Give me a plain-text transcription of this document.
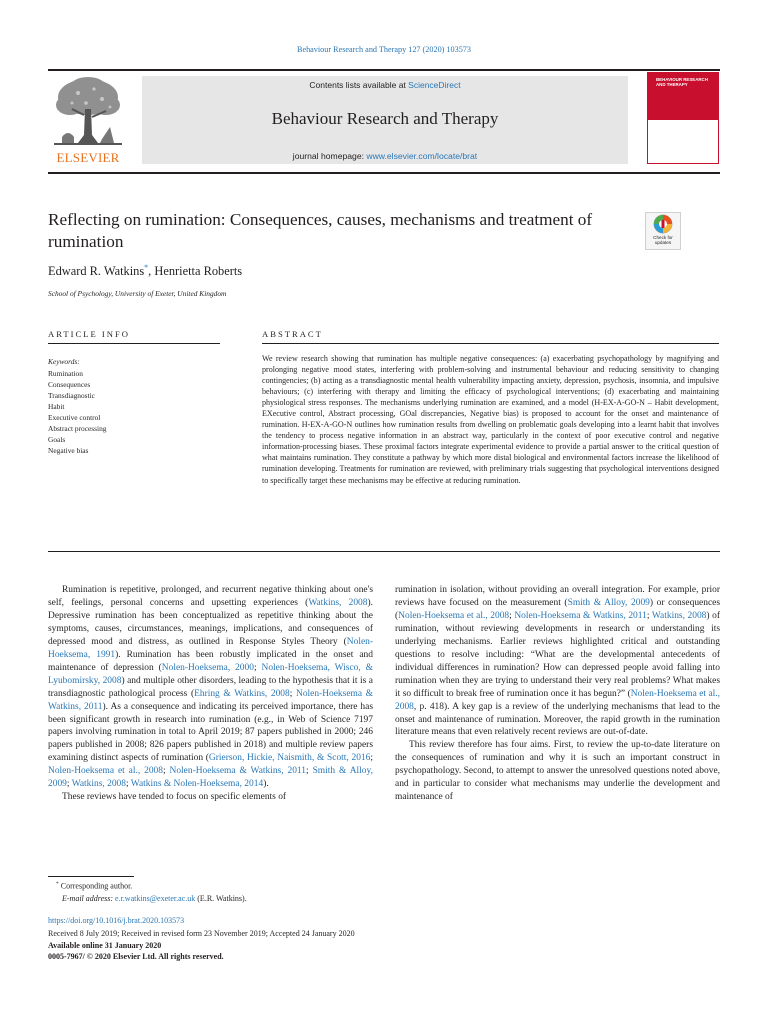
Behaviour Research and Therapy 127 (2020) 103573
ELSEVIER
Contents lists available at ScienceDirect
Behaviour Research and Therapy
journal homepage: www.elsevier.com/locate/brat
BEHAVIOUR RESEARCH AND THERAPY
Reflecting on rumination: Consequences, causes, mechanisms and treatment of rumination	Check for updates
Edward R. Watkins*, Henrietta Roberts
School of Psychology, University of Exeter, United Kingdom
ARTICLE INFO	ABSTRACT
Keywords:
Rumination
Consequences
Transdiagnostic
Habit
Executive control
Abstract processing
Goals
Negative bias
We review research showing that rumination has multiple negative consequences: (a) exacerbating psychopathology by magnifying and prolonging negative mood states, interfering with problem-solving and instrumental behaviour and reducing sensitivity to changing contingencies; (b) acting as a transdiagnostic mental health vulnerability impacting anxiety, depression, psychosis, insomnia, and impulsive behaviours; (c) interfering with therapy and limiting the efficacy of psychological interventions; (d) exacerbating and maintaining physiological stress responses. The mechanisms underlying rumination are examined, and a model (H-EX-A-GO-N – Habit development, EXecutive control, Abstract processing, GOal discrepancies, Negative bias) is proposed to account for the onset and maintenance of rumination. H-EX-A-GO-N outlines how rumination results from dwelling on problematic goals developing into a learnt habit that involves the tendency to process negative information in an abstract way, particularly in the context of poor executive control and negative information-processing biases. These proximal factors integrate experimental evidence to provide a partial answer to the critical question of what maintains rumination. They constitute a pathway by which more distal biological and environmental factors increase the likelihood of rumination developing. Treatments for rumination are reviewed, with preliminary trials suggesting that psychological interventions designed to specifically target these mechanisms may be effective at reducing rumination.

Rumination is repetitive, prolonged, and recurrent negative thinking about one's self, feelings, personal concerns and upsetting experiences (Watkins, 2008). Depressive rumination has been conceptualized as repetitive thinking about the symptoms, causes, circumstances, meanings, implications, and consequences of depressed mood and distress, as outlined in Response Styles Theory (Nolen-Hoeksema, 1991). Rumination has been robustly implicated in the onset and maintenance of depression (Nolen-Hoeksema, 2000; Nolen-Hoeksema, Wisco, & Lyubomirsky, 2008) and multiple other disorders, leading to the hypothesis that it is a transdiagnostic pathological process (Ehring & Watkins, 2008; Nolen-Hoeksema & Watkins, 2011). As a consequence and indicating its perceived importance, there has been significant growth in research into rumination (e.g., in Web of Science 7197 papers involving rumination in total to April 2019; 87 papers published in 2000; 246 papers published in 2008; 826 papers published in 2018) and multiple review papers examining distinct aspects of rumination (Grierson, Hickie, Naismith, & Scott, 2016; Nolen-Hoeksema et al., 2008; Nolen-Hoeksema & Watkins, 2011; Smith & Alloy, 2009; Watkins, 2008; Watkins & Nolen-Hoeksema, 2014).

These reviews have tended to focus on specific elements of

rumination in isolation, without providing an overall integration. For example, prior reviews have focused on the measurement (Smith & Alloy, 2009) or consequences (Nolen-Hoeksema et al., 2008; Nolen-Hoeksema & Watkins, 2011; Watkins, 2008) of rumination, without reviewing developments in research or understanding its underlying mechanisms. Earlier reviews highlighted critical and outstanding questions to resolve including: “What are the developmental antecedents of individual differences in rumination? How can depressed people avoid falling into rumination when they are trying to understand their very real problems? What makes it so difficult to break free of rumination once it has begun?” (Nolen-Hoeksema et al., 2008, p. 418). A key gap is a review of the underlying mechanisms that lead to the onset and maintenance of rumination. Moreover, the rapid growth in the rumination literature means that even relatively recent reviews are out-of-date.

This review therefore has four aims. First, to review the up-to-date literature on the consequences of rumination and why it is such an important construct in psychopathology. Second, to attempt to answer the unresolved questions noted above, and in particular to consider what mechanisms may underlie the development and maintenance of

* Corresponding author.
E-mail address: e.r.watkins@exeter.ac.uk (E.R. Watkins).
https://doi.org/10.1016/j.brat.2020.103573
Received 8 July 2019; Received in revised form 23 November 2019; Accepted 24 January 2020
Available online 31 January 2020
0005-7967/ © 2020 Elsevier Ltd. All rights reserved.
